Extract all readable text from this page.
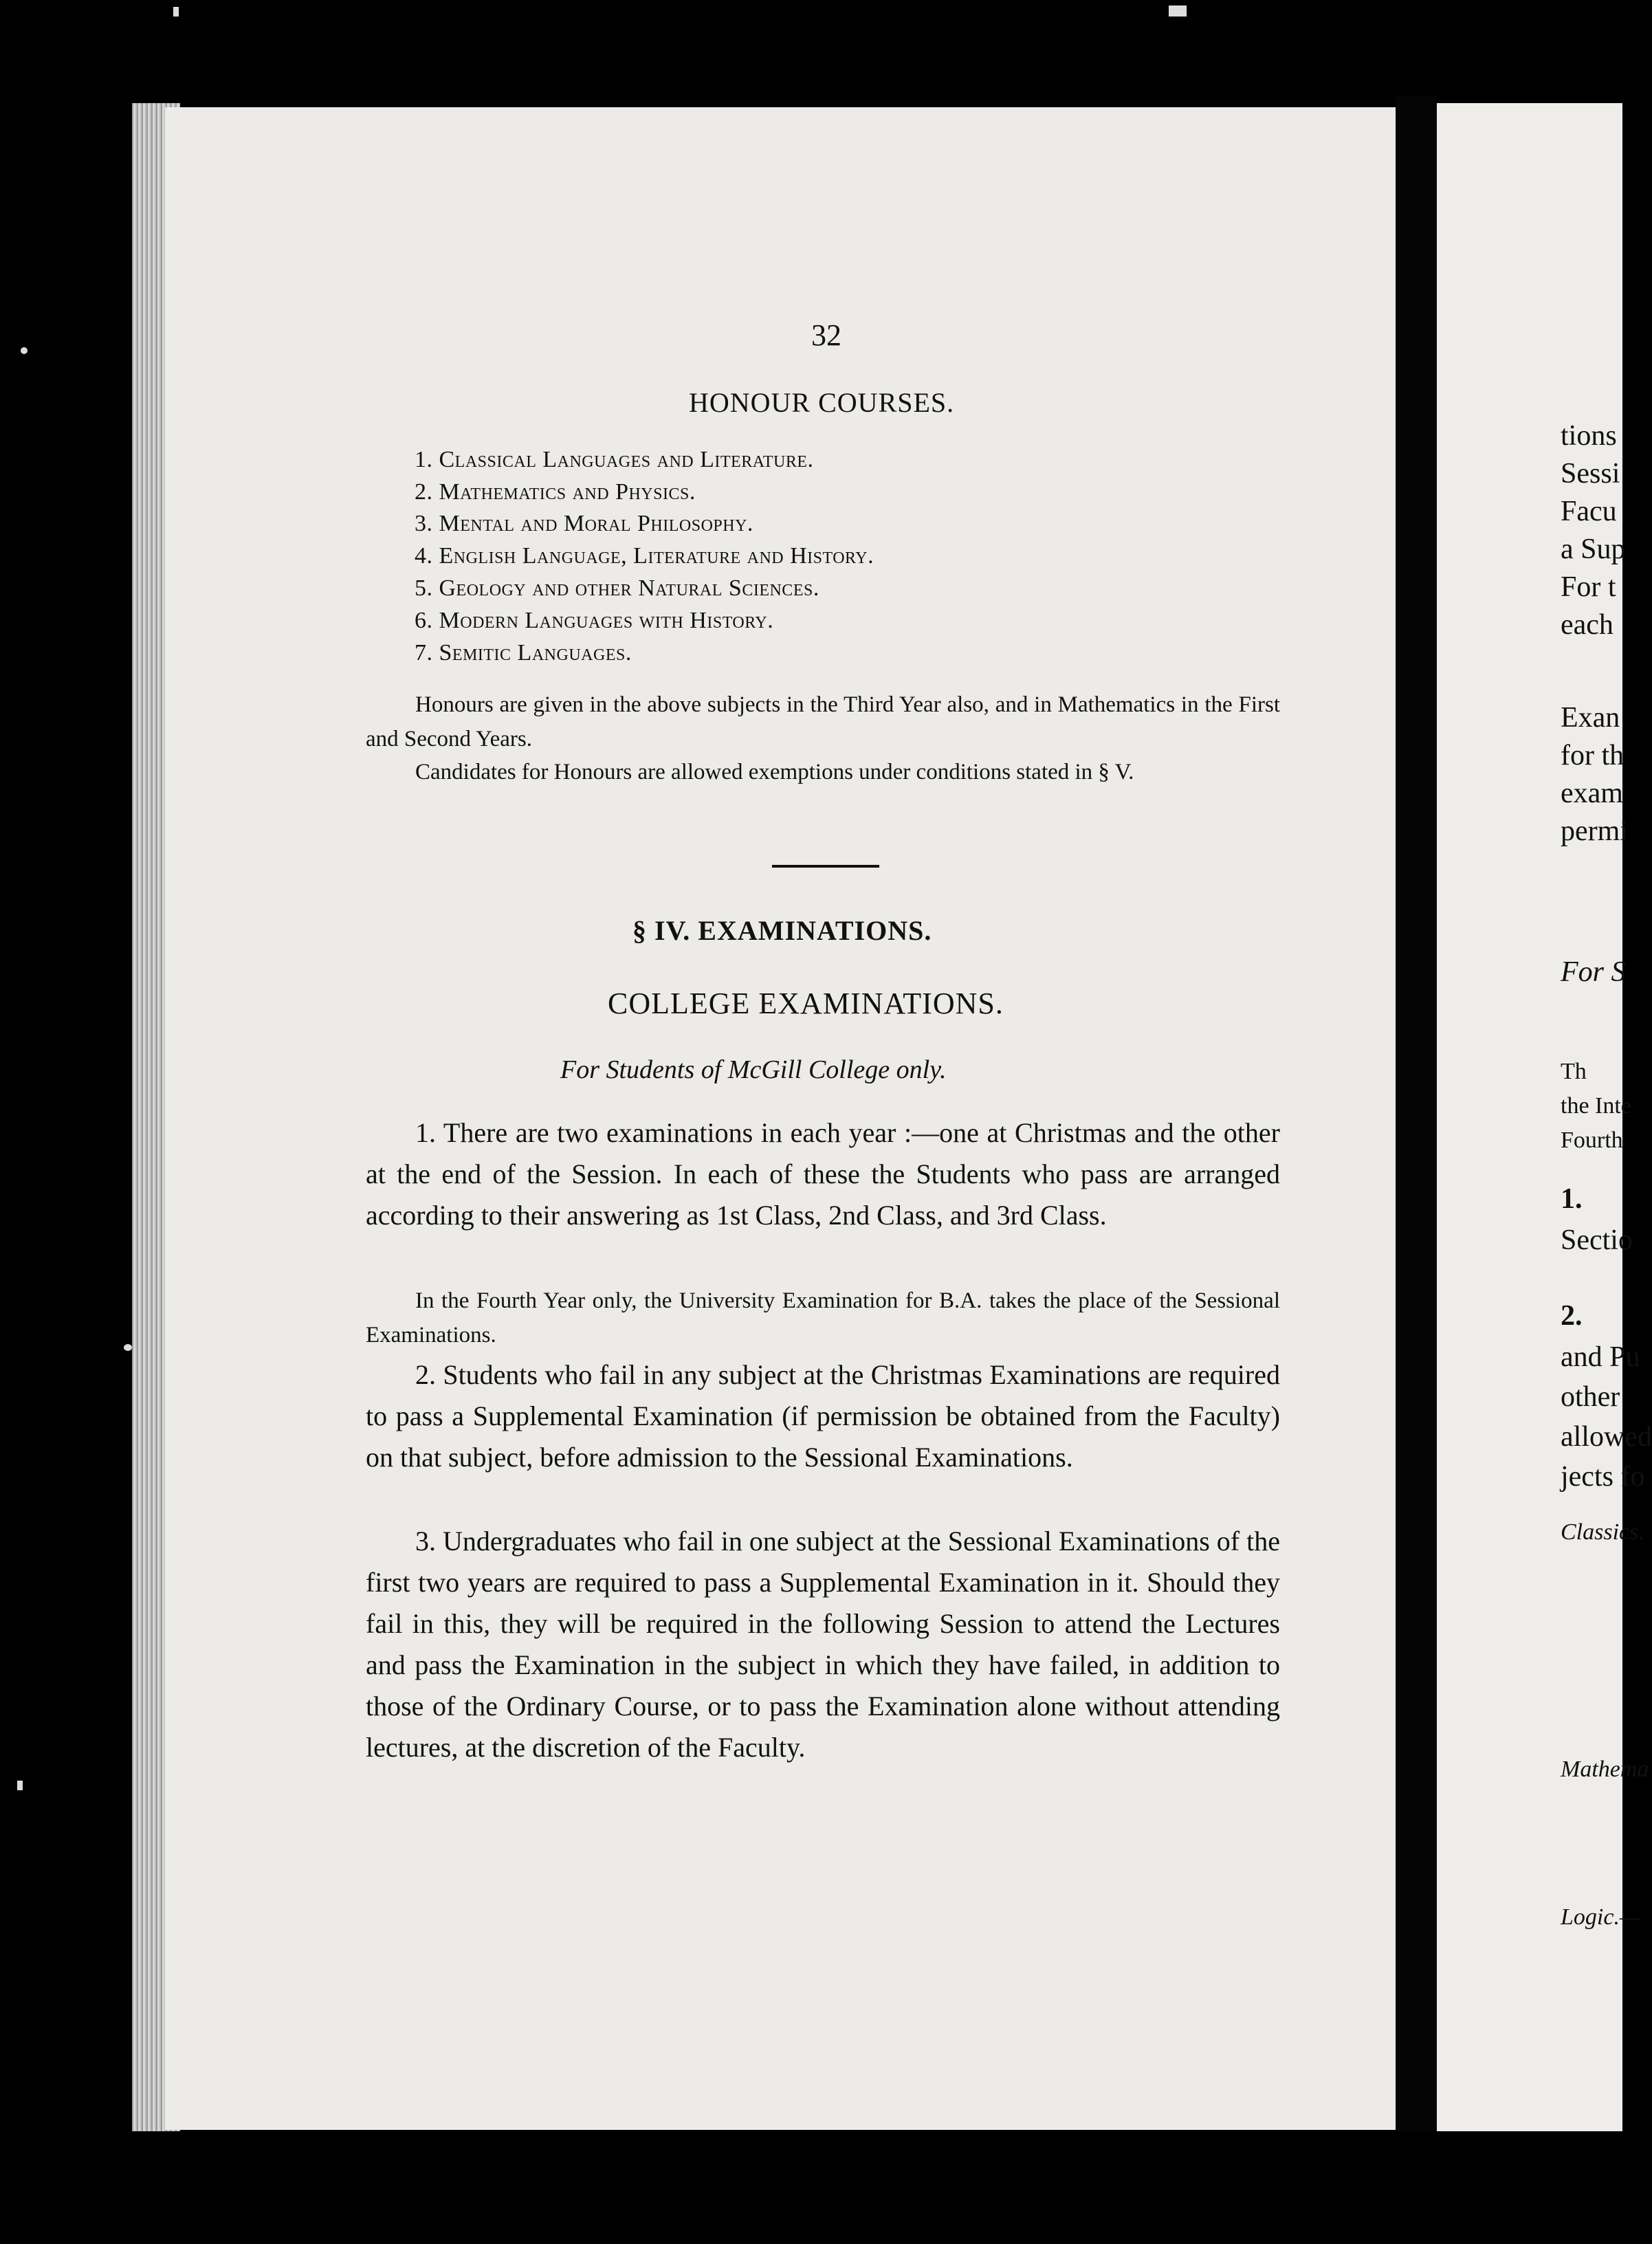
32
HONOUR COURSES.
1. Classical Languages and Literature.
2. Mathematics and Physics.
3. Mental and Moral Philosophy.
4. English Language, Literature and History.
5. Geology and other Natural Sciences.
6. Modern Languages with History.
7. Semitic Languages.
Honours are given in the above subjects in the Third Year also, and in Mathematics in the First and Second Years.
Candidates for Honours are allowed exemptions under conditions stated in § V.
§ IV. EXAMINATIONS.
COLLEGE EXAMINATIONS.
For Students of McGill College only.
1. There are two examinations in each year :—one at Christmas and the other at the end of the Session. In each of these the Students who pass are arranged according to their answering as 1st Class, 2nd Class, and 3rd Class.
In the Fourth Year only, the University Examination for B.A. takes the place of the Sessional Examinations.
2. Students who fail in any subject at the Christmas Examinations are required to pass a Supplemental Examination (if permission be obtained from the Faculty) on that subject, before admission to the Sessional Examinations.
3. Undergraduates who fail in one subject at the Sessional Examinations of the first two years are required to pass a Supplemental Examination in it. Should they fail in this, they will be required in the following Session to attend the Lectures and pass the Examination in the subject in which they have failed, in addition to those of the Ordinary Course, or to pass the Examination alone without attending lectures, at the discretion of the Faculty.
tions
Sessi
Facu
a Sup
For t
each
Exan
for th
exam
permi
For S
Th
the Inte
Fourth
1.
Sectio
2.
and Pu
other
allowed
jects fo
Classics.
Mathema
Logic.—
